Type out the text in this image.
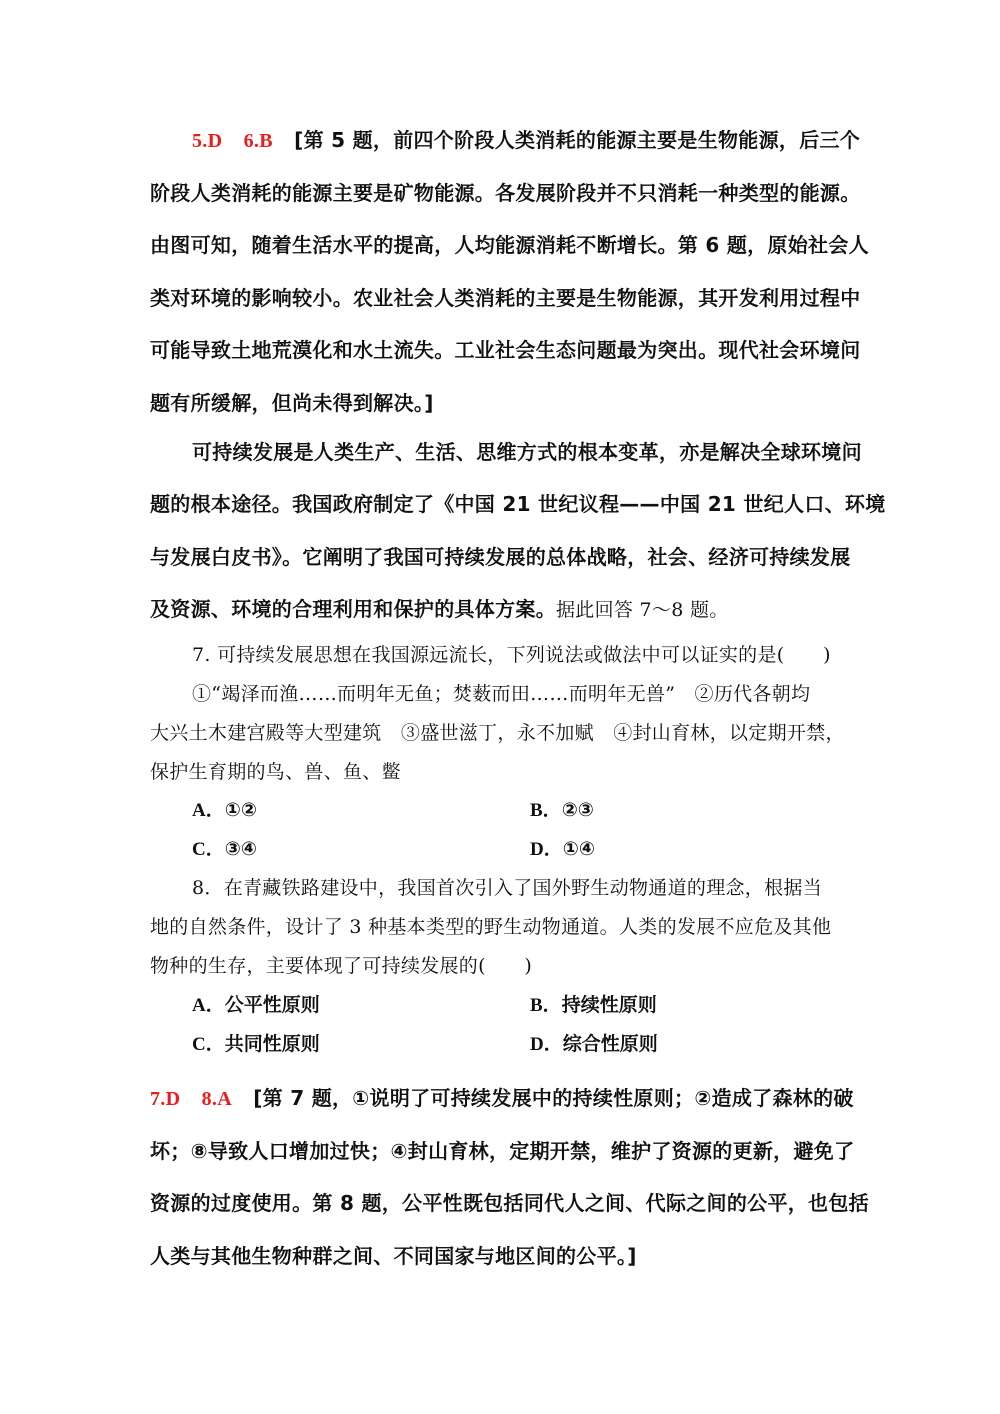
5.D 6.B [第 5 题，前四个阶段人类消耗的能源主要是生物能源，后三个
阶段人类消耗的能源主要是矿物能源。各发展阶段并不只消耗一种类型的能源。
由图可知，随着生活水平的提高，人均能源消耗不断增长。第 6 题，原始社会人
类对环境的影响较小。农业社会人类消耗的主要是生物能源，其开发利用过程中
可能导致土地荒漠化和水土流失。工业社会生态问题最为突出。现代社会环境问
题有所缓解，但尚未得到解决。]
可持续发展是人类生产、生活、思维方式的根本变革，亦是解决全球环境问
题的根本途径。我国政府制定了《中国 21 世纪议程——中国 21 世纪人口、环境
与发展白皮书》。它阐明了我国可持续发展的总体战略，社会、经济可持续发展
及资源、环境的合理利用和保护的具体方案。据此回答 7～8 题。
7. 可持续发展思想在我国源远流长，下列说法或做法中可以证实的是(　　)
①“竭泽而渔……而明年无鱼；焚薮而田……而明年无兽”　②历代各朝均
大兴土木建宫殿等大型建筑　③盛世滋丁，永不加赋　④封山育林，以定期开禁，
保护生育期的鸟、兽、鱼、鳖
A．①②	B．②③
C．③④	D．①④
8．在青藏铁路建设中，我国首次引入了国外野生动物通道的理念，根据当
地的自然条件，设计了 3 种基本类型的野生动物通道。人类的发展不应危及其他
物种的生存，主要体现了可持续发展的(　　)
A．公平性原则	B．持续性原则
C．共同性原则	D．综合性原则
7.D 8.A [第 7 题，①说明了可持续发展中的持续性原则；②造成了森林的破
坏；⑧导致人口增加过快；④封山育林，定期开禁，维护了资源的更新，避免了
资源的过度使用。第 8 题，公平性既包括同代人之间、代际之间的公平，也包括
人类与其他生物种群之间、不同国家与地区间的公平。]
